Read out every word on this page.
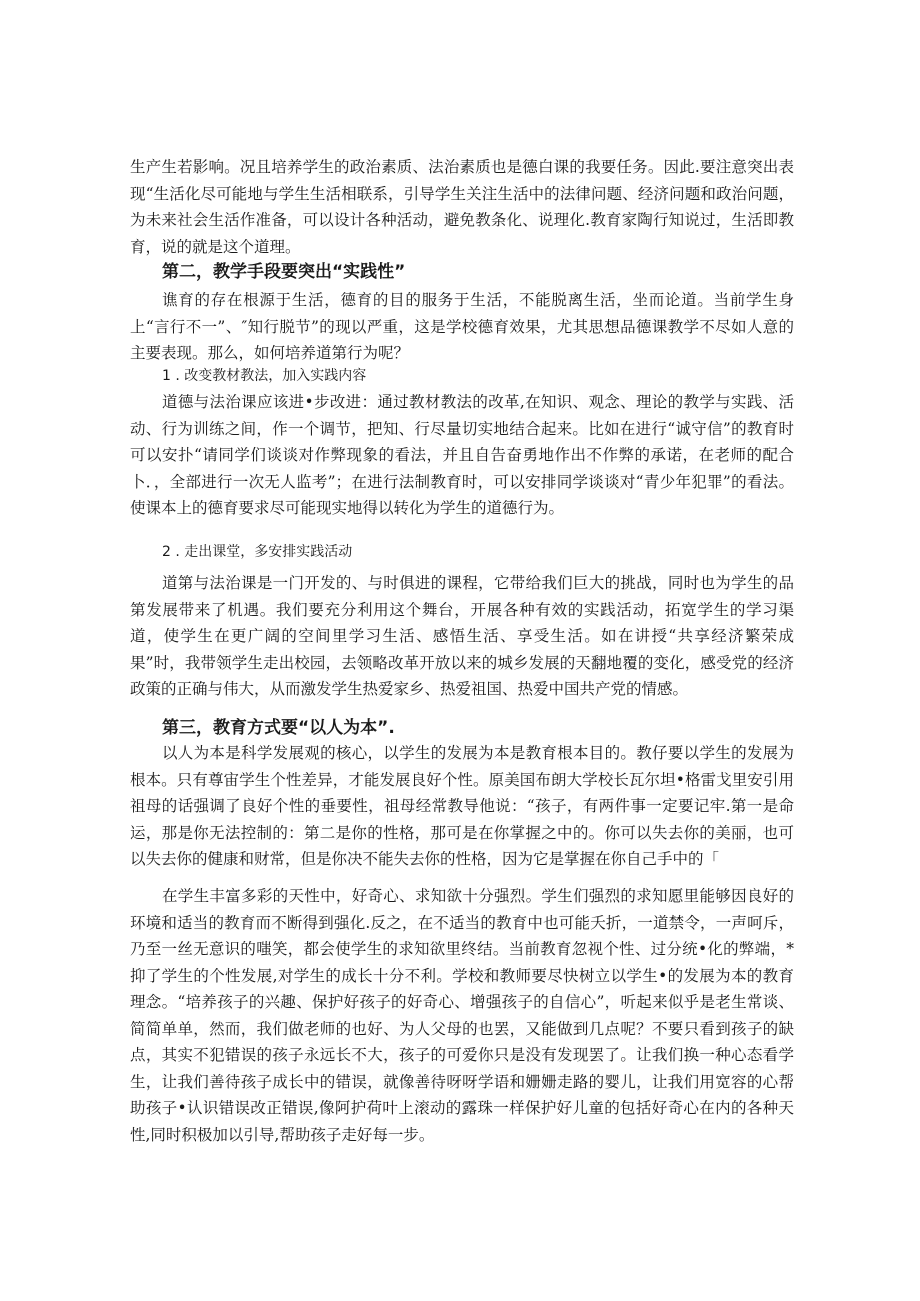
生产生若影响。况且培养学生的政治素质、法治素质也是德白课的我要任务。因此.要注意突出表现“生活化尽可能地与学生生活相联系，引导学生关注生活中的法律问题、经济问题和政治问题，为未来社会生活作准备，可以设计各种活动，避免教条化、说理化.教育家陶行知说过，生活即教育，说的就是这个道理。

第二，教学手段要突出“实践性”

谯育的存在根源于生活，德育的目的服务于生活，不能脱离生活，坐而论道。当前学生身上“言行不一”、″知行脱节”的现以严重，这是学校德育效果，尤其思想品德课教学不尽如人意的主要表现。那么，如何培养道第行为呢？

1 . 改变教材教法，加入实践内容

道德与法治课应该进•步改进：通过教材教法的改革,在知识、观念、理论的教学与实践、活动、行为训练之间，作一个调节，把知、行尽量切实地结合起来。比如在进行“诚守信”的教育时可以安扑“请同学们谈谈对作弊现象的看法，并且自告奋勇地作出不作弊的承诺，在老师的配合卜．，全部进行一次无人监考”；在进行法制教育时，可以安排同学谈谈对“青少年犯罪”的看法。使课本上的德育要求尽可能现实地得以转化为学生的道德行为。

2 . 走出课堂，多安排实践活动

道第与法治课是一门开发的、与时俱进的课程，它带给我们巨大的挑战，同时也为学生的品第发展带来了机遇。我们要充分利用这个舞台，开展各种有效的实践活动，拓宽学生的学习渠道，使学生在更广阔的空间里学习生活、感悟生活、享受生活。如在讲授“共享经济繁荣成果”时，我带领学生走出校园，去领略改革开放以来的城乡发展的天翻地覆的变化，感受党的经济政策的正确与伟大，从而激发学生热爱家乡、热爱祖国、热爱中国共产党的情感。

第三，教育方式要“以人为本”.

以人为本是科学发展观的核心，以学生的发展为本是教育根本目的。教仔要以学生的发展为根本。只有尊宙学生个性差异，才能发展良好个性。原美国布朗大学校长瓦尔坦•格雷戈里安引用祖母的话强调了良好个性的垂要性，祖母经常教导他说：“孩子，有两件事一定要记牢.第一是命运，那是你无法控制的：第二是你的性格，那可是在你掌握之中的。你可以失去你的美丽，也可以失去你的健康和财常，但是你决不能失去你的性格，因为它是掌握在你自己手中的「

在学生丰富多彩的天性中，好奇心、求知欲十分强烈。学生们强烈的求知愿里能够因良好的环境和适当的教育而不断得到强化.反之，在不适当的教育中也可能夭折，一道禁令，一声呵斥，乃至一丝无意识的嗤笑，都会使学生的求知欲里终结。当前教育忽视个性、过分统•化的弊端，*抑了学生的个性发展,对学生的成长十分不利。学校和教师要尽快树立以学生•的发展为本的教育理念。“培养孩子的兴趣、保护好孩子的好奇心、增强孩子的自信心”，听起来似乎是老生常谈、简简单单，然而，我们做老师的也好、为人父母的也罢，又能做到几点呢？不要只看到孩子的缺点，其实不犯错误的孩子永远长不大，孩子的可爱你只是没有发现罢了。让我们换一种心态看学生，让我们善待孩子成长中的错误，就像善待呀呀学语和姗姗走路的婴儿，让我们用宽容的心帮助孩子•认识错误改正错误,像阿护荷叶上滚动的露珠一样保护好儿童的包括好奇心在内的各种天性,同时积极加以引导,帮助孩子走好每一步。
